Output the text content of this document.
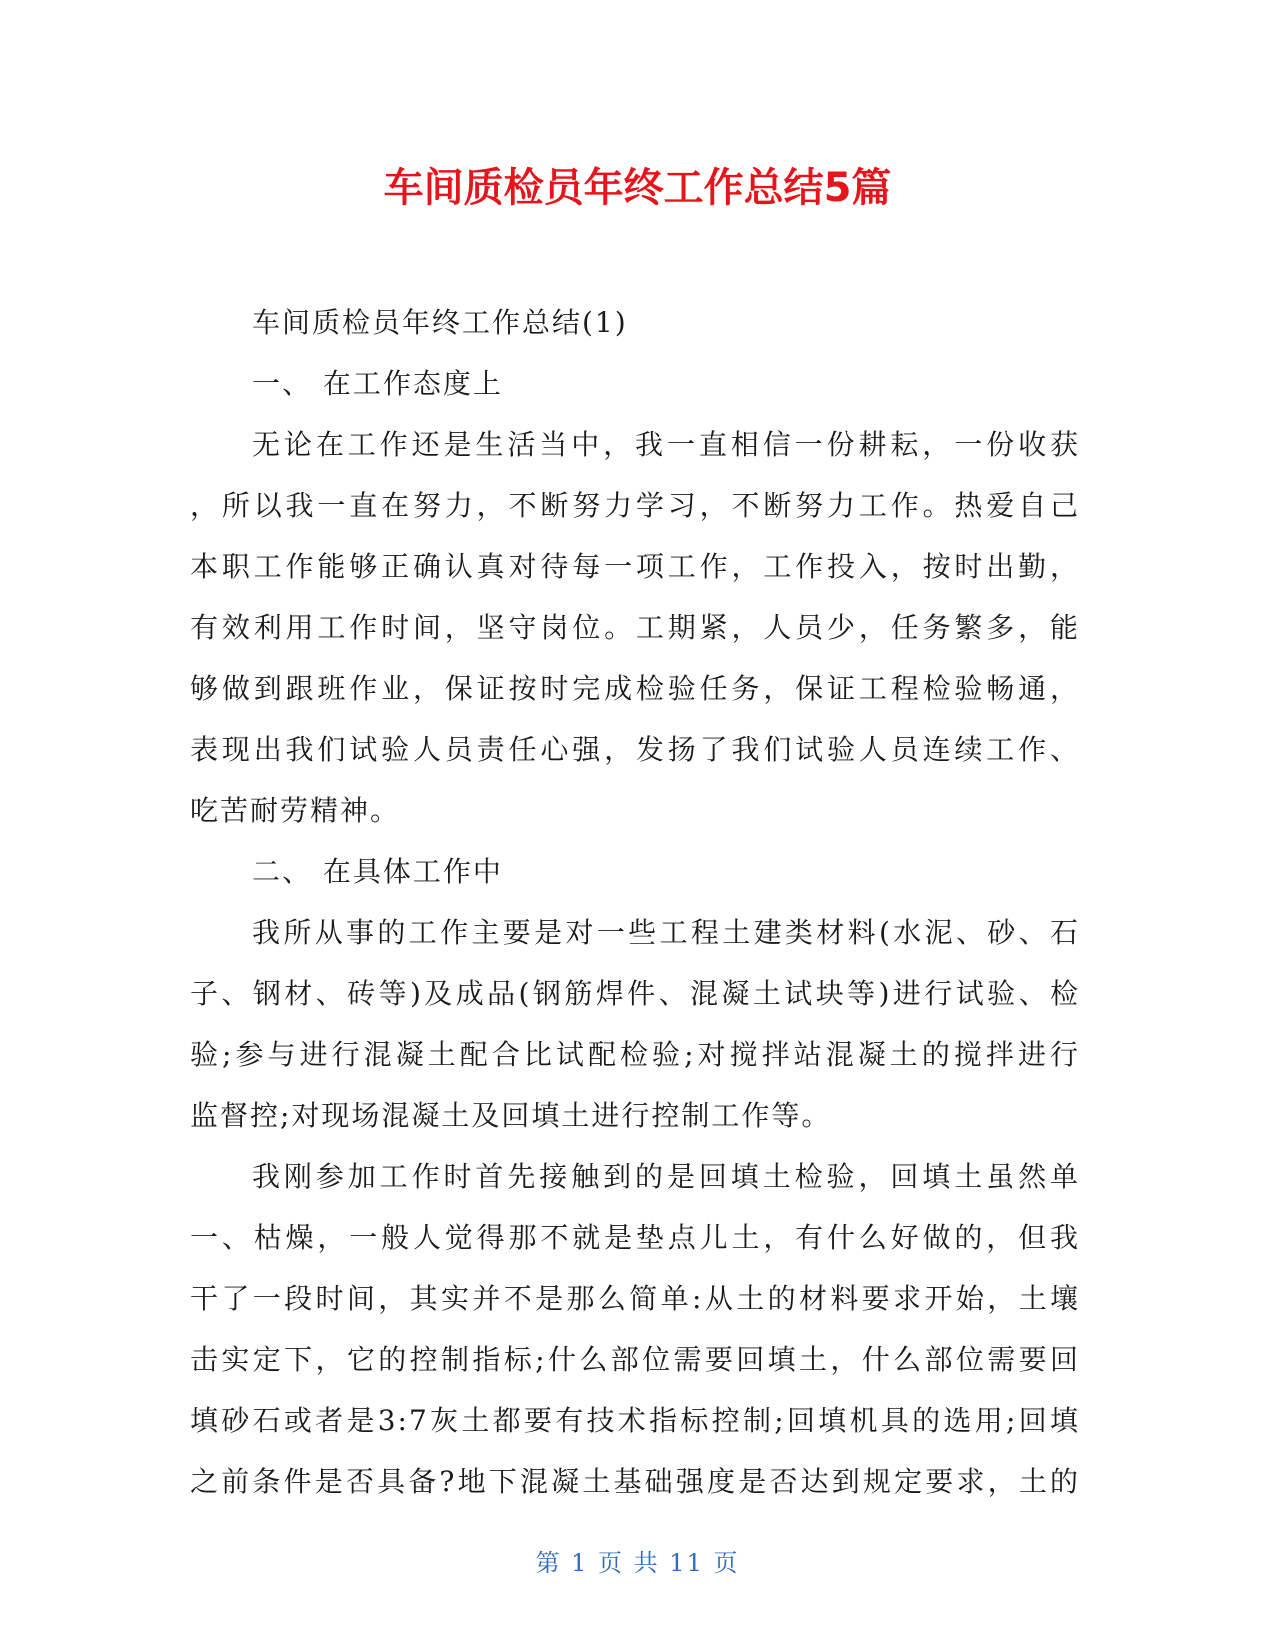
车间质检员年终工作总结5篇
车间质检员年终工作总结(1)
一、 在工作态度上
无论在工作还是生活当中，我一直相信一份耕耘，一份收获
，所以我一直在努力，不断努力学习，不断努力工作。热爱自己
本职工作能够正确认真对待每一项工作，工作投入，按时出勤，
有效利用工作时间，坚守岗位。工期紧，人员少，任务繁多，能
够做到跟班作业，保证按时完成检验任务，保证工程检验畅通，
表现出我们试验人员责任心强，发扬了我们试验人员连续工作、
吃苦耐劳精神。
二、 在具体工作中
我所从事的工作主要是对一些工程土建类材料(水泥、砂、石
子、钢材、砖等)及成品(钢筋焊件、混凝土试块等)进行试验、检
验;参与进行混凝土配合比试配检验;对搅拌站混凝土的搅拌进行
监督控;对现场混凝土及回填土进行控制工作等。
我刚参加工作时首先接触到的是回填土检验，回填土虽然单
一、枯燥，一般人觉得那不就是垫点儿土，有什么好做的，但我
干了一段时间，其实并不是那么简单:从土的材料要求开始，土壤
击实定下，它的控制指标;什么部位需要回填土，什么部位需要回
填砂石或者是3:7灰土都要有技术指标控制;回填机具的选用;回填
之前条件是否具备?地下混凝土基础强度是否达到规定要求，土的
第 1 页 共 11 页
